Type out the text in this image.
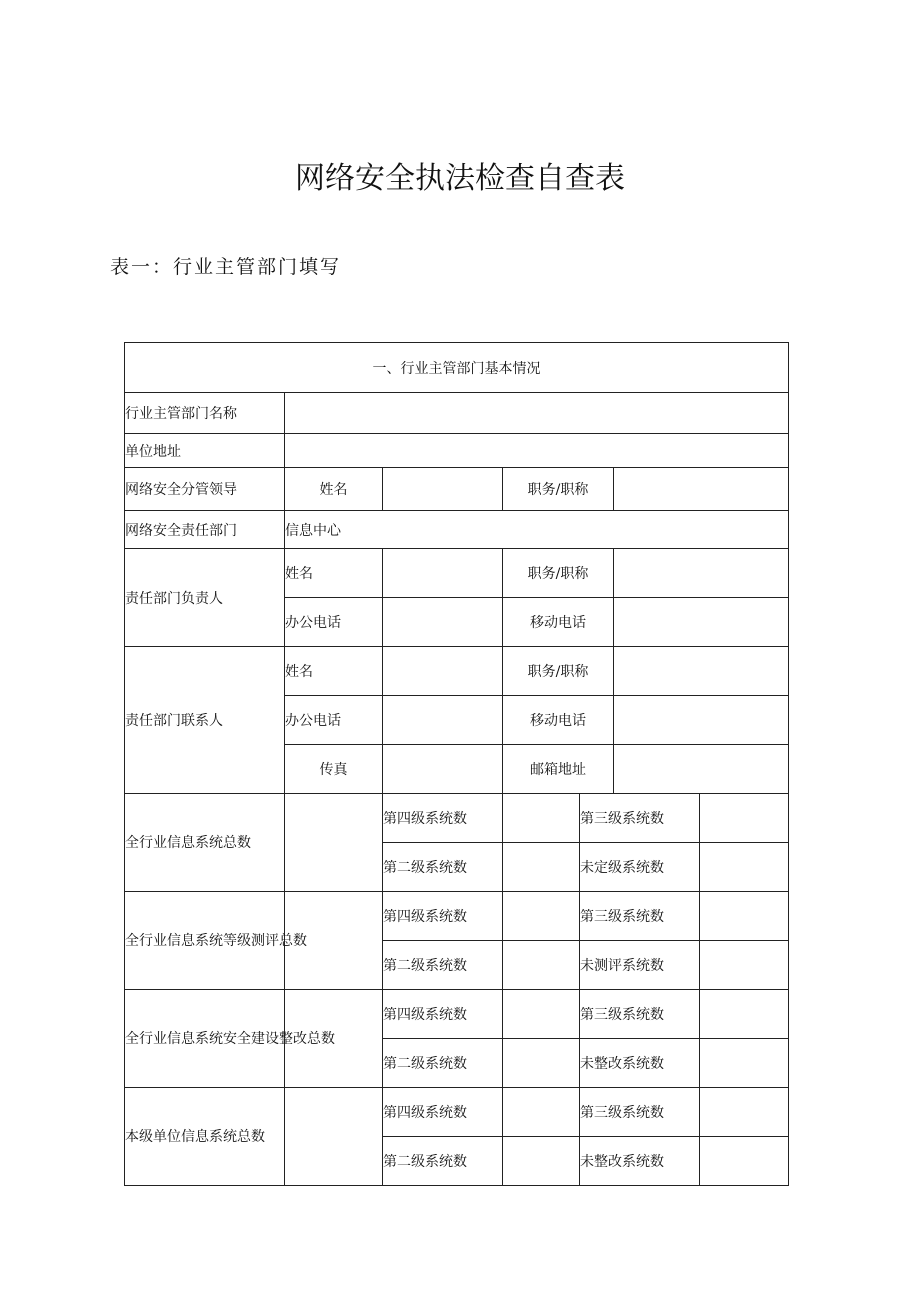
网络安全执法检查自查表
表一：行业主管部门填写
一、行业主管部门基本情况						
行业主管部门名称						
单位地址						
网络安全分管领导	姓名		职务/职称			
网络安全责任部门	信息中心					
责任部门负责人	姓名		职务/职称			
	办公电话		移动电话			
责任部门联系人	姓名		职务/职称			
	办公电话		移动电话			
	传真		邮箱地址			
全行业信息系统总数		第四级系统数		第三级系统数		
		第二级系统数		未定级系统数		
全行业信息系统等级测评总数		第四级系统数		第三级系统数		
		第二级系统数		未测评系统数		
全行业信息系统安全建设整改总数		第四级系统数		第三级系统数		
		第二级系统数		未整改系统数		
本级单位信息系统总数		第四级系统数		第三级系统数		
		第二级系统数		未整改系统数		
